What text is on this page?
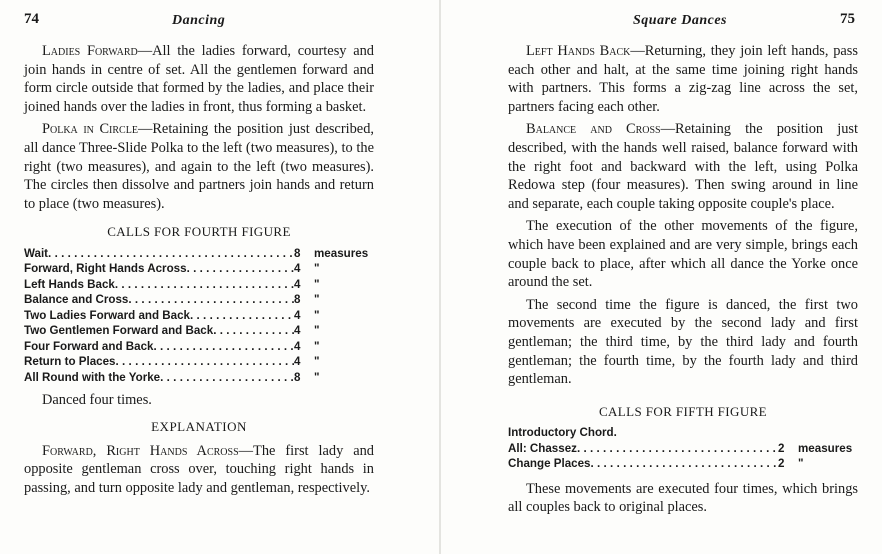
74	Dancing

Ladies Forward—All the ladies forward, courtesy and join hands in centre of set. All the gentlemen forward and form circle outside that formed by the ladies, and place their joined hands over the ladies in front, thus forming a basket.

Polka in Circle—Retaining the position just described, all dance Three-Slide Polka to the left (two measures), to the right (two measures), and again to the left (two measures). The circles then dissolve and partners join hands and return to place (two measures).

CALLS FOR FOURTH FIGURE
Wait .....	8	measures
Forward, Right Hands Across .....	4	"
Left Hands Back .....	4	"
Balance and Cross .....	8	"
Two Ladies Forward and Back .....	4	"
Two Gentlemen Forward and Back .....	4	"
Four Forward and Back .....	4	"
Return to Places .....	4	"
All Round with the Yorke .....	8	"

Danced four times.

EXPLANATION

Forward, Right Hands Across—The first lady and opposite gentleman cross over, touching right hands in passing, and turn opposite lady and gentleman, respectively.

Square Dances	75

Left Hands Back—Returning, they join left hands, pass each other and halt, at the same time joining right hands with partners. This forms a zig-zag line across the set, partners facing each other.

Balance and Cross—Retaining the position just described, with the hands well raised, balance forward with the right foot and backward with the left, using Polka Redowa step (four measures). Then swing around in line and separate, each couple taking opposite couple's place.

The execution of the other movements of the figure, which have been explained and are very simple, brings each couple back to place, after which all dance the Yorke once around the set.

The second time the figure is danced, the first two movements are executed by the second lady and first gentleman; the third time, by the third lady and fourth gentleman; the fourth time, by the fourth lady and third gentleman.

CALLS FOR FIFTH FIGURE
Introductory Chord.
All: Chassez .....	2	measures
Change Places .....	2	"

These movements are executed four times, which brings all couples back to original places.
